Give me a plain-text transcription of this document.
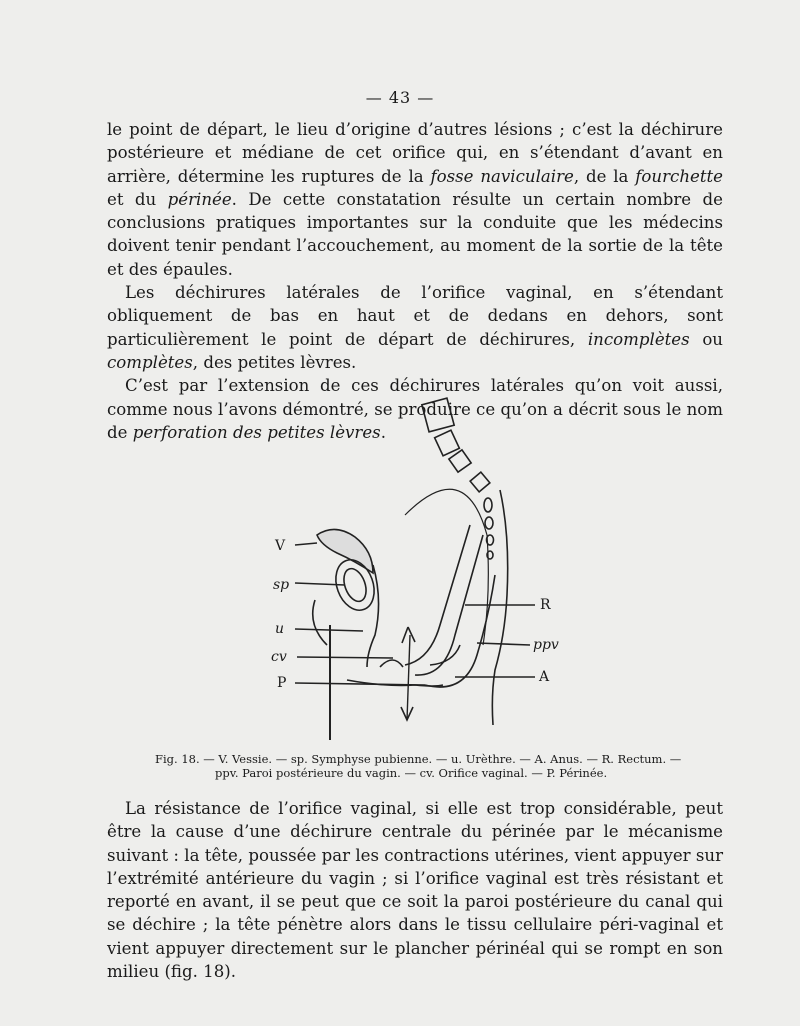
— 43 —

le point de départ, le lieu d’origine d’autres lésions ; c’est la déchirure postérieure et médiane de cet orifice qui, en s’étendant d’avant en arrière, détermine les ruptures de la fosse naviculaire, de la fourchette et du périnée. De cette constatation résulte un certain nombre de conclusions pratiques importantes sur la conduite que les médecins doivent tenir pendant l’accouchement, au moment de la sortie de la tête et des épaules.

Les déchirures latérales de l’orifice vaginal, en s’étendant obliquement de bas en haut et de dedans en dehors, sont particulièrement le point de départ de déchirures, incomplètes ou complètes, des petites lèvres.

C’est par l’extension de ces déchirures latérales qu’on voit aussi, comme nous l’avons démontré, se produire ce qu’on a décrit sous le nom de perforation des petites lèvres.

V
sp
u
cv
P
R
ppv
A
Fig. 18. — V. Vessie. — sp. Symphyse pubienne. — u. Urèthre. — A. Anus. — R. Rectum. —
ppv. Paroi postérieure du vagin. — cv. Orifice vaginal. — P. Périnée.

La résistance de l’orifice vaginal, si elle est trop considérable, peut être la cause d’une déchirure centrale du périnée par le mécanisme suivant : la tête, poussée par les contractions utérines, vient appuyer sur l’extrémité antérieure du vagin ; si l’orifice vaginal est très résistant et reporté en avant, il se peut que ce soit la paroi postérieure du canal qui se déchire ; la tête pénètre alors dans le tissu cellulaire péri-vaginal et vient appuyer directement sur le plancher périnéal qui se rompt en son milieu (fig. 18).
